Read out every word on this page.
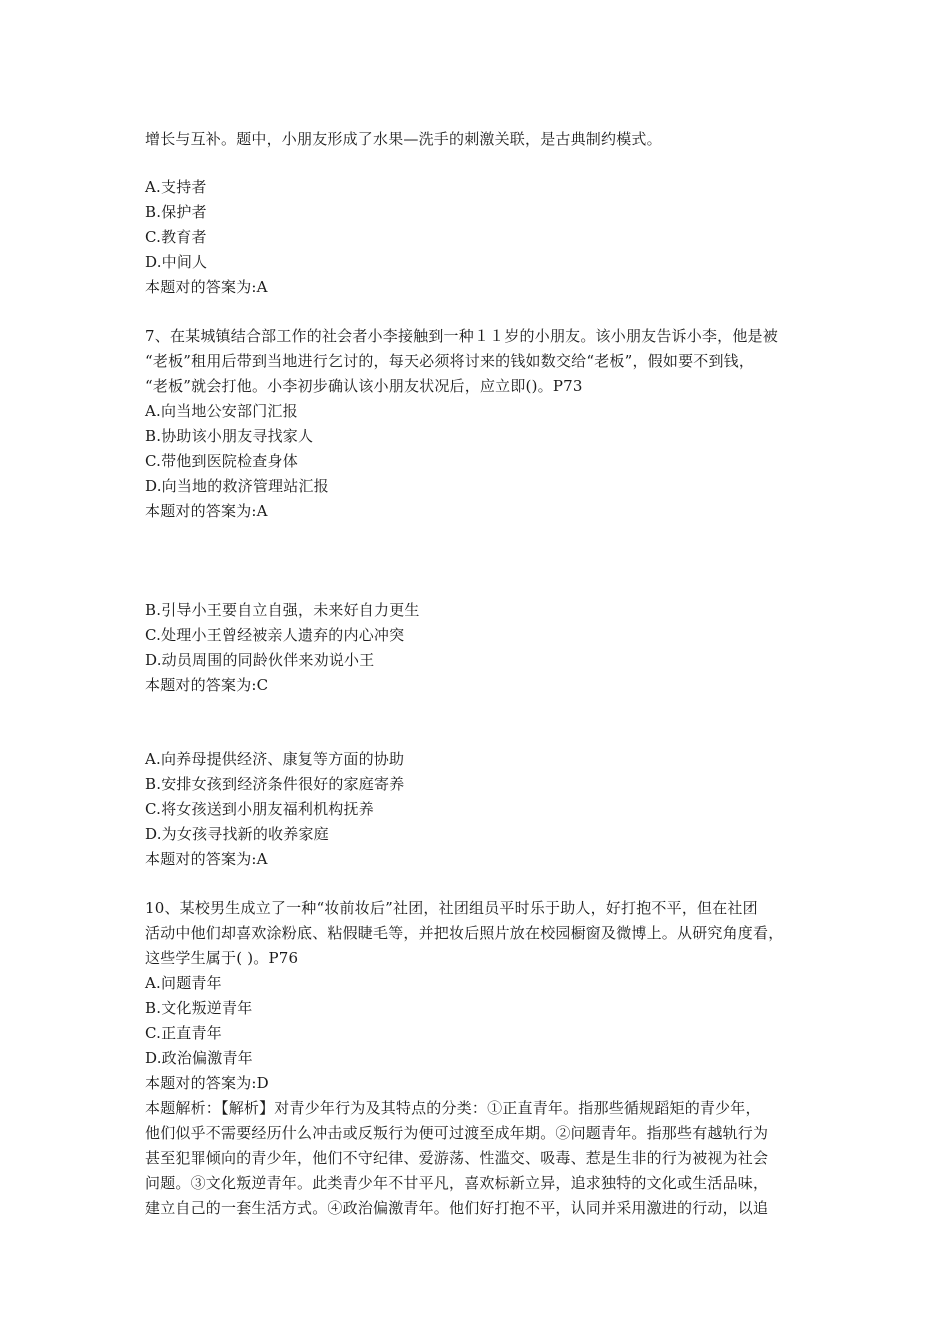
增长与互补。题中，小朋友形成了水果—洗手的刺激关联，是古典制约模式。
A.支持者
B.保护者
C.教育者
D.中间人
本题对的答案为:A
7、在某城镇结合部工作的社会者小李接触到一种１１岁的小朋友。该小朋友告诉小李，他是被
“老板”租用后带到当地进行乞讨的，每天必须将讨来的钱如数交给“老板”，假如要不到钱，
“老板”就会打他。小李初步确认该小朋友状况后，应立即()。P73
A.向当地公安部门汇报
B.协助该小朋友寻找家人
C.带他到医院检查身体
D.向当地的救济管理站汇报
本题对的答案为:A
B.引导小王要自立自强，未来好自力更生
C.处理小王曾经被亲人遗弃的内心冲突
D.动员周围的同龄伙伴来劝说小王
本题对的答案为:C
A.向养母提供经济、康复等方面的协助
B.安排女孩到经济条件很好的家庭寄养
C.将女孩送到小朋友福利机构抚养
D.为女孩寻找新的收养家庭
本题对的答案为:A
10、某校男生成立了一种“妆前妆后”社团，社团组员平时乐于助人，好打抱不平，但在社团
活动中他们却喜欢涂粉底、粘假睫毛等，并把妆后照片放在校园橱窗及微博上。从研究角度看，
这些学生属于( )。P76
A.问题青年
B.文化叛逆青年
C.正直青年
D.政治偏激青年
本题对的答案为:D
本题解析：【解析】对青少年行为及其特点的分类：①正直青年。指那些循规蹈矩的青少年，
他们似乎不需要经历什么冲击或反叛行为便可过渡至成年期。②问题青年。指那些有越轨行为
甚至犯罪倾向的青少年，他们不守纪律、爱游荡、性滥交、吸毒、惹是生非的行为被视为社会
问题。③文化叛逆青年。此类青少年不甘平凡，喜欢标新立异，追求独特的文化或生活品味，
建立自己的一套生活方式。④政治偏激青年。他们好打抱不平，认同并采用激进的行动，以追
